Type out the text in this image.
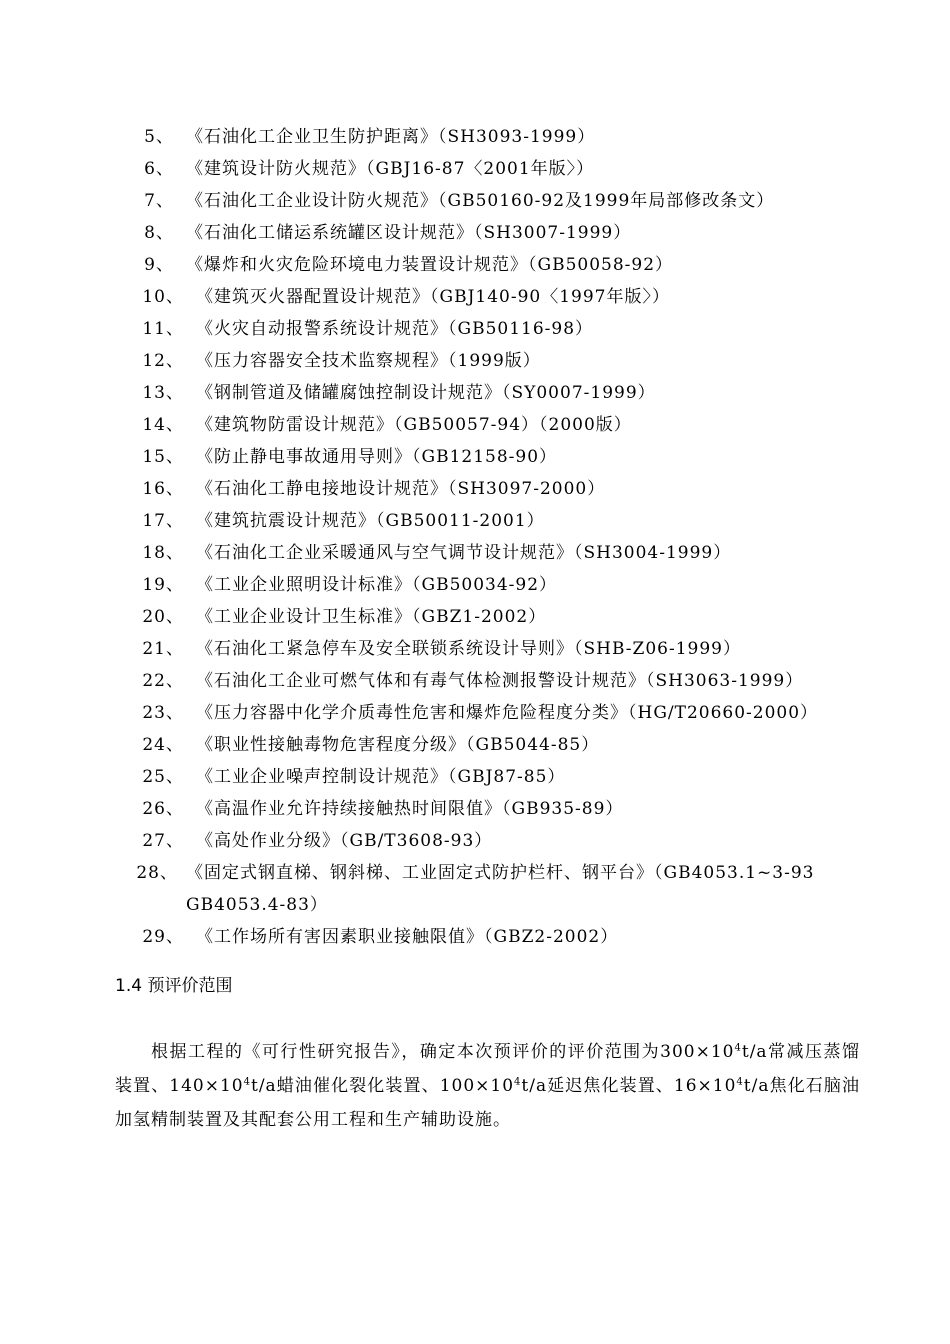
5、 《石油化工企业卫生防护距离》（SH3093-1999）
6、 《建筑设计防火规范》（GBJ16-87〈2001年版〉）
7、 《石油化工企业设计防火规范》（GB50160-92及1999年局部修改条文）
8、 《石油化工储运系统罐区设计规范》（SH3007-1999）
9、 《爆炸和火灾危险环境电力装置设计规范》（GB50058-92）
10、 《建筑灭火器配置设计规范》（GBJ140-90〈1997年版〉）
11、 《火灾自动报警系统设计规范》（GB50116-98）
12、 《压力容器安全技术监察规程》（1999版）
13、 《钢制管道及储罐腐蚀控制设计规范》（SY0007-1999）
14、 《建筑物防雷设计规范》（GB50057-94）（2000版）
15、 《防止静电事故通用导则》（GB12158-90）
16、 《石油化工静电接地设计规范》（SH3097-2000）
17、 《建筑抗震设计规范》（GB50011-2001）
18、 《石油化工企业采暖通风与空气调节设计规范》（SH3004-1999）
19、 《工业企业照明设计标准》（GB50034-92）
20、 《工业企业设计卫生标准》（GBZ1-2002）
21、 《石油化工紧急停车及安全联锁系统设计导则》（SHB-Z06-1999）
22、 《石油化工企业可燃气体和有毒气体检测报警设计规范》（SH3063-1999）
23、 《压力容器中化学介质毒性危害和爆炸危险程度分类》（HG/T20660-2000）
24、 《职业性接触毒物危害程度分级》（GB5044-85）
25、 《工业企业噪声控制设计规范》（GBJ87-85）
26、 《高温作业允许持续接触热时间限值》（GB935-89）
27、 《高处作业分级》（GB/T3608-93）
28、 《固定式钢直梯、钢斜梯、工业固定式防护栏杆、钢平台》（GB4053.1~3-93 GB4053.4-83）
29、 《工作场所有害因素职业接触限值》（GBZ2-2002）
1.4 预评价范围
根据工程的《可行性研究报告》，确定本次预评价的评价范围为$300\times 10^4t/a$常减压蒸馏装置、$140\times 10^4t/a$蜡油催化裂化装置、$100\times 10^4t/a$延迟焦化装置、$16\times 10^4t/a$焦化石脑油加氢精制装置及其配套公用工程和生产辅助设施。
